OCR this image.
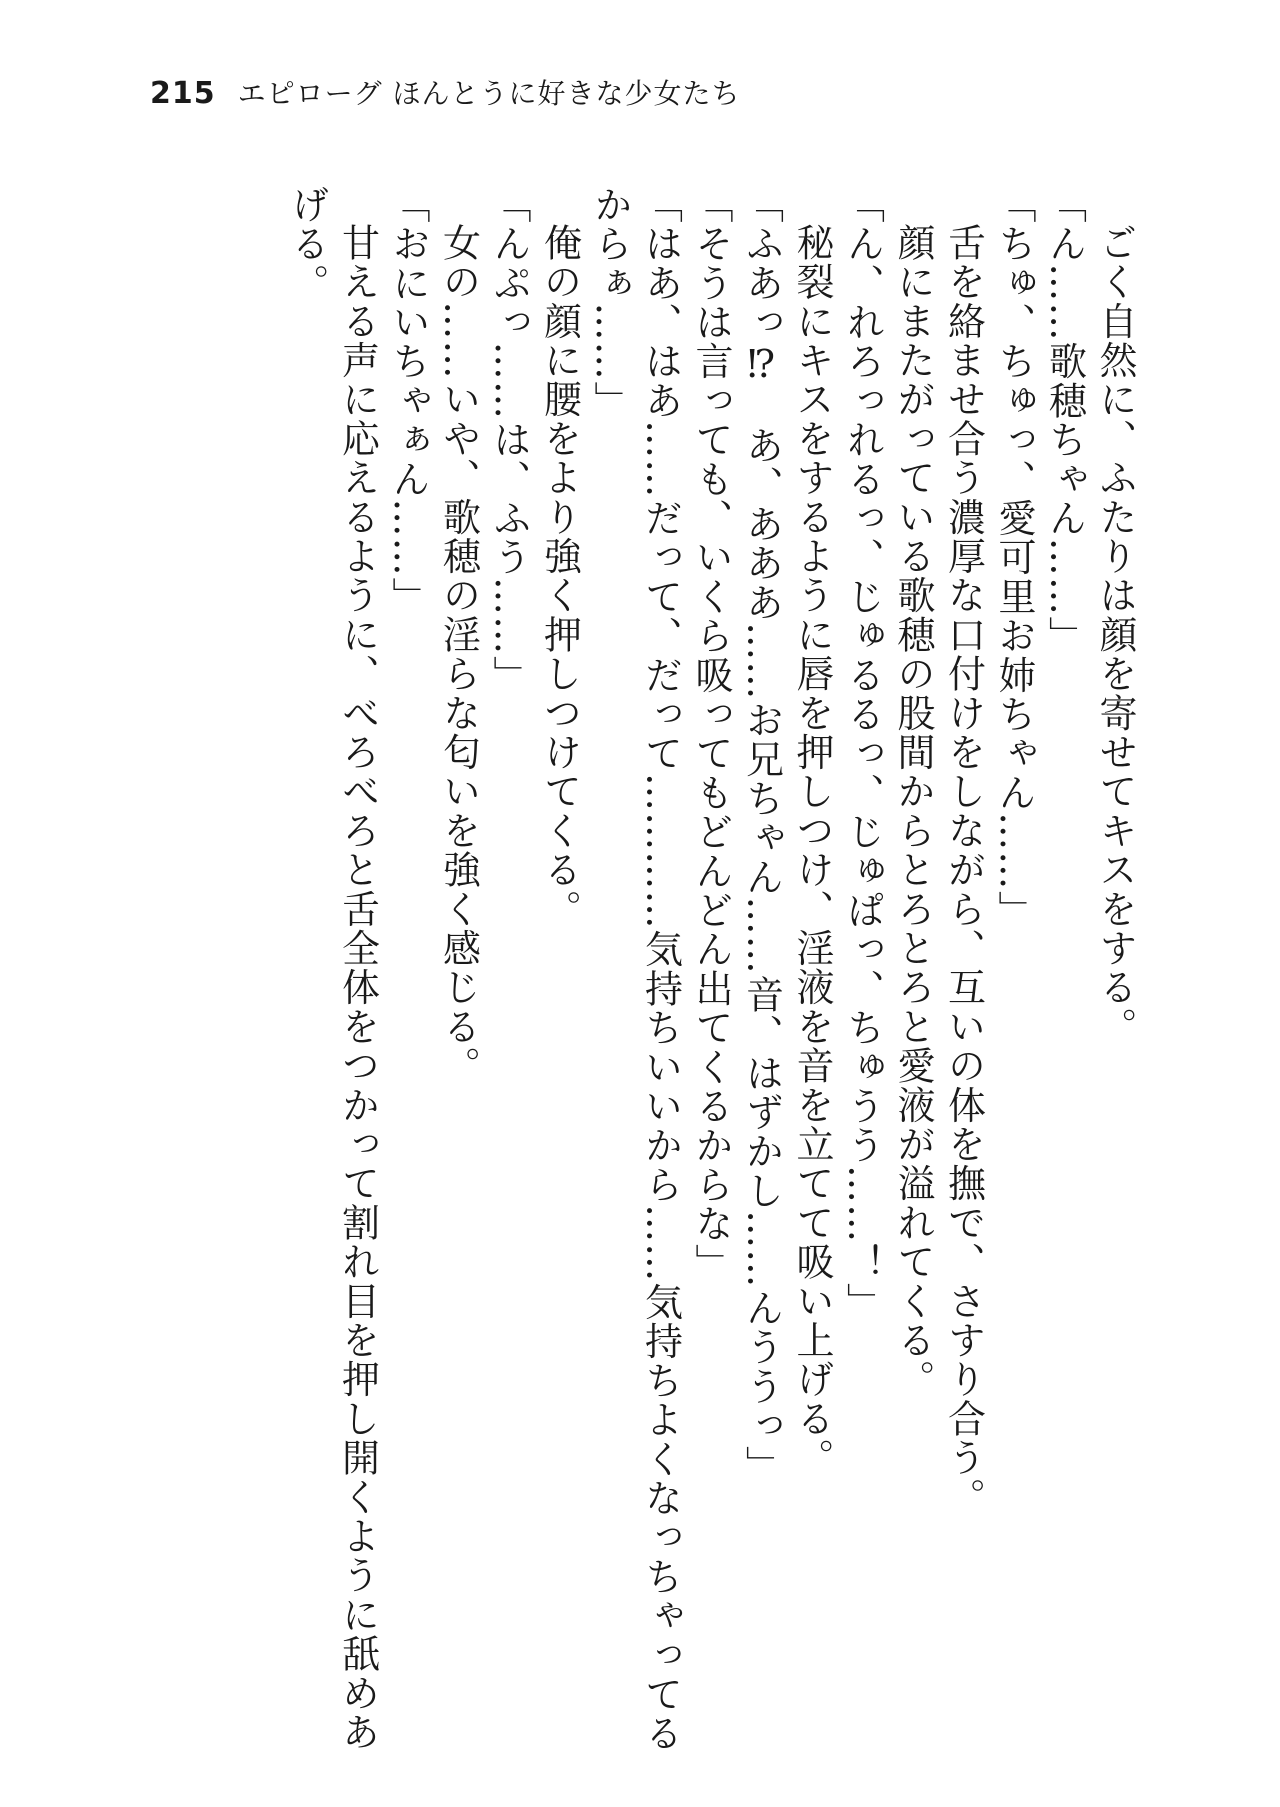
215 エピローグ ほんとうに好きな少女たち

ごく自然に、ふたりは顔を寄せてキスをする。

「ん……歌穂ちゃん……」

「ちゅ、ちゅっ、愛可里お姉ちゃん……」

舌を絡ませ合う濃厚な口付けをしながら、互いの体を撫で、さすり合う。

顔にまたがっている歌穂の股間からとろとろと愛液が溢れてくる。

「ん、れろっれるっ、じゅるるっ、じゅぱっ、ちゅうう……！」

秘裂にキスをするように唇を押しつけ、淫液を音を立てて吸い上げる。

「ふあっ⁉　あ、あああ……お兄ちゃん……音、はずかし……んううっ」

「そうは言っても、いくら吸ってもどんどん出てくるからな」

「はあ、はあ……だって、だって…………気持ちいいから……気持ちよくなっちゃってるからぁ……」

俺の顔に腰をより強く押しつけてくる。

「んぷっ……は、ふう……」

女の……いや、歌穂の淫らな匂いを強く感じる。

「おにいちゃぁん……」

甘える声に応えるように、べろべろと舌全体をつかって割れ目を押し開くように舐めあげる。
